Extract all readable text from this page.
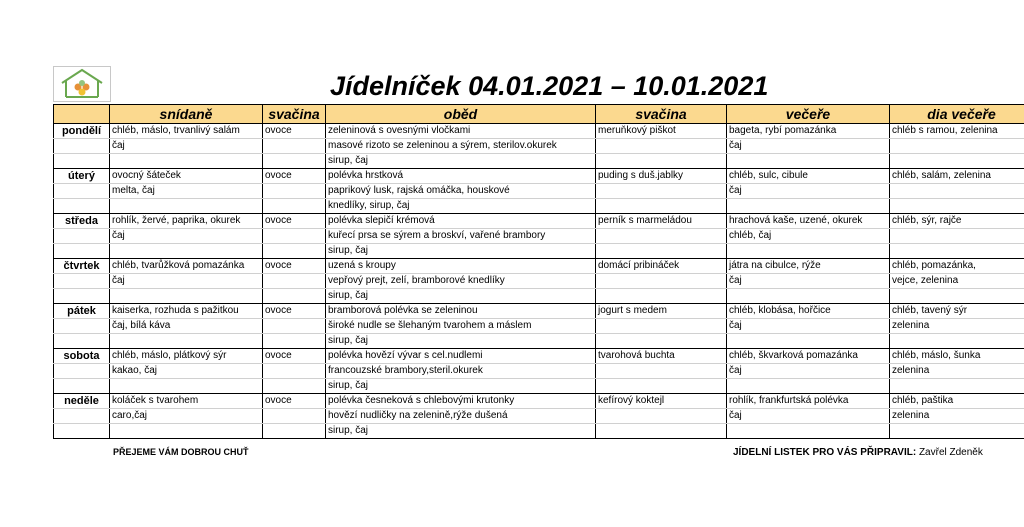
Jídelníček 04.01.2021 – 10.01.2021
	snídaně	svačina	oběd	svačina	večeře	dia večeře
pondělí	chléb, máslo, trvanlivý salám	ovoce	zeleninová s ovesnými vločkami	meruňkový piškot	bageta, rybí pomazánka	chléb s ramou, zelenina
	čaj		masové rizoto se zeleninou a sýrem, sterilov.okurek		čaj	
			sirup, čaj			
úterý	ovocný šáteček	ovoce	polévka hrstková	puding s duš.jablky	chléb, sulc, cibule	chléb, salám, zelenina
	melta, čaj		paprikový lusk, rajská omáčka, houskové		čaj	
			knedlíky, sirup, čaj			
středa	rohlík, žervé, paprika, okurek	ovoce	polévka slepičí krémová	perník s marmeládou	hrachová kaše, uzené, okurek	chléb, sýr, rajče
	čaj		kuřecí prsa se sýrem a broskví, vařené brambory		chléb, čaj	
			sirup, čaj			
čtvrtek	chléb, tvarůžková pomazánka	ovoce	uzená s kroupy	domácí pribináček	játra na cibulce, rýže	chléb, pomazánka,
	čaj		vepřový prejt, zelí, bramborové knedlíky		čaj	vejce, zelenina
			sirup, čaj			
pátek	kaiserka, rozhuda s pažitkou	ovoce	bramborová polévka se zeleninou	jogurt s medem	chléb, klobása, hořčice	chléb, tavený sýr
	čaj, bílá káva		široké nudle se šlehaným tvarohem a máslem		čaj	zelenina
			sirup, čaj			
sobota	chléb, máslo, plátkový sýr	ovoce	polévka hovězí vývar s cel.nudlemi	tvarohová buchta	chléb, škvarková pomazánka	chléb, máslo, šunka
	kakao, čaj		francouzské brambory,steril.okurek		čaj	zelenina
			sirup, čaj			
neděle	koláček s tvarohem	ovoce	polévka česneková s chlebovými krutonky	kefírový koktejl	rohlík, frankfurtská polévka	chléb, paštika
	caro,čaj		hovězí nudličky na zelenině,rýže dušená		čaj	zelenina
			sirup, čaj			
PŘEJEME VÁM DOBROU CHUŤ	JÍDELNÍ LISTEK PRO VÁS PŘIPRAVIL: Zavřel Zdeněk
